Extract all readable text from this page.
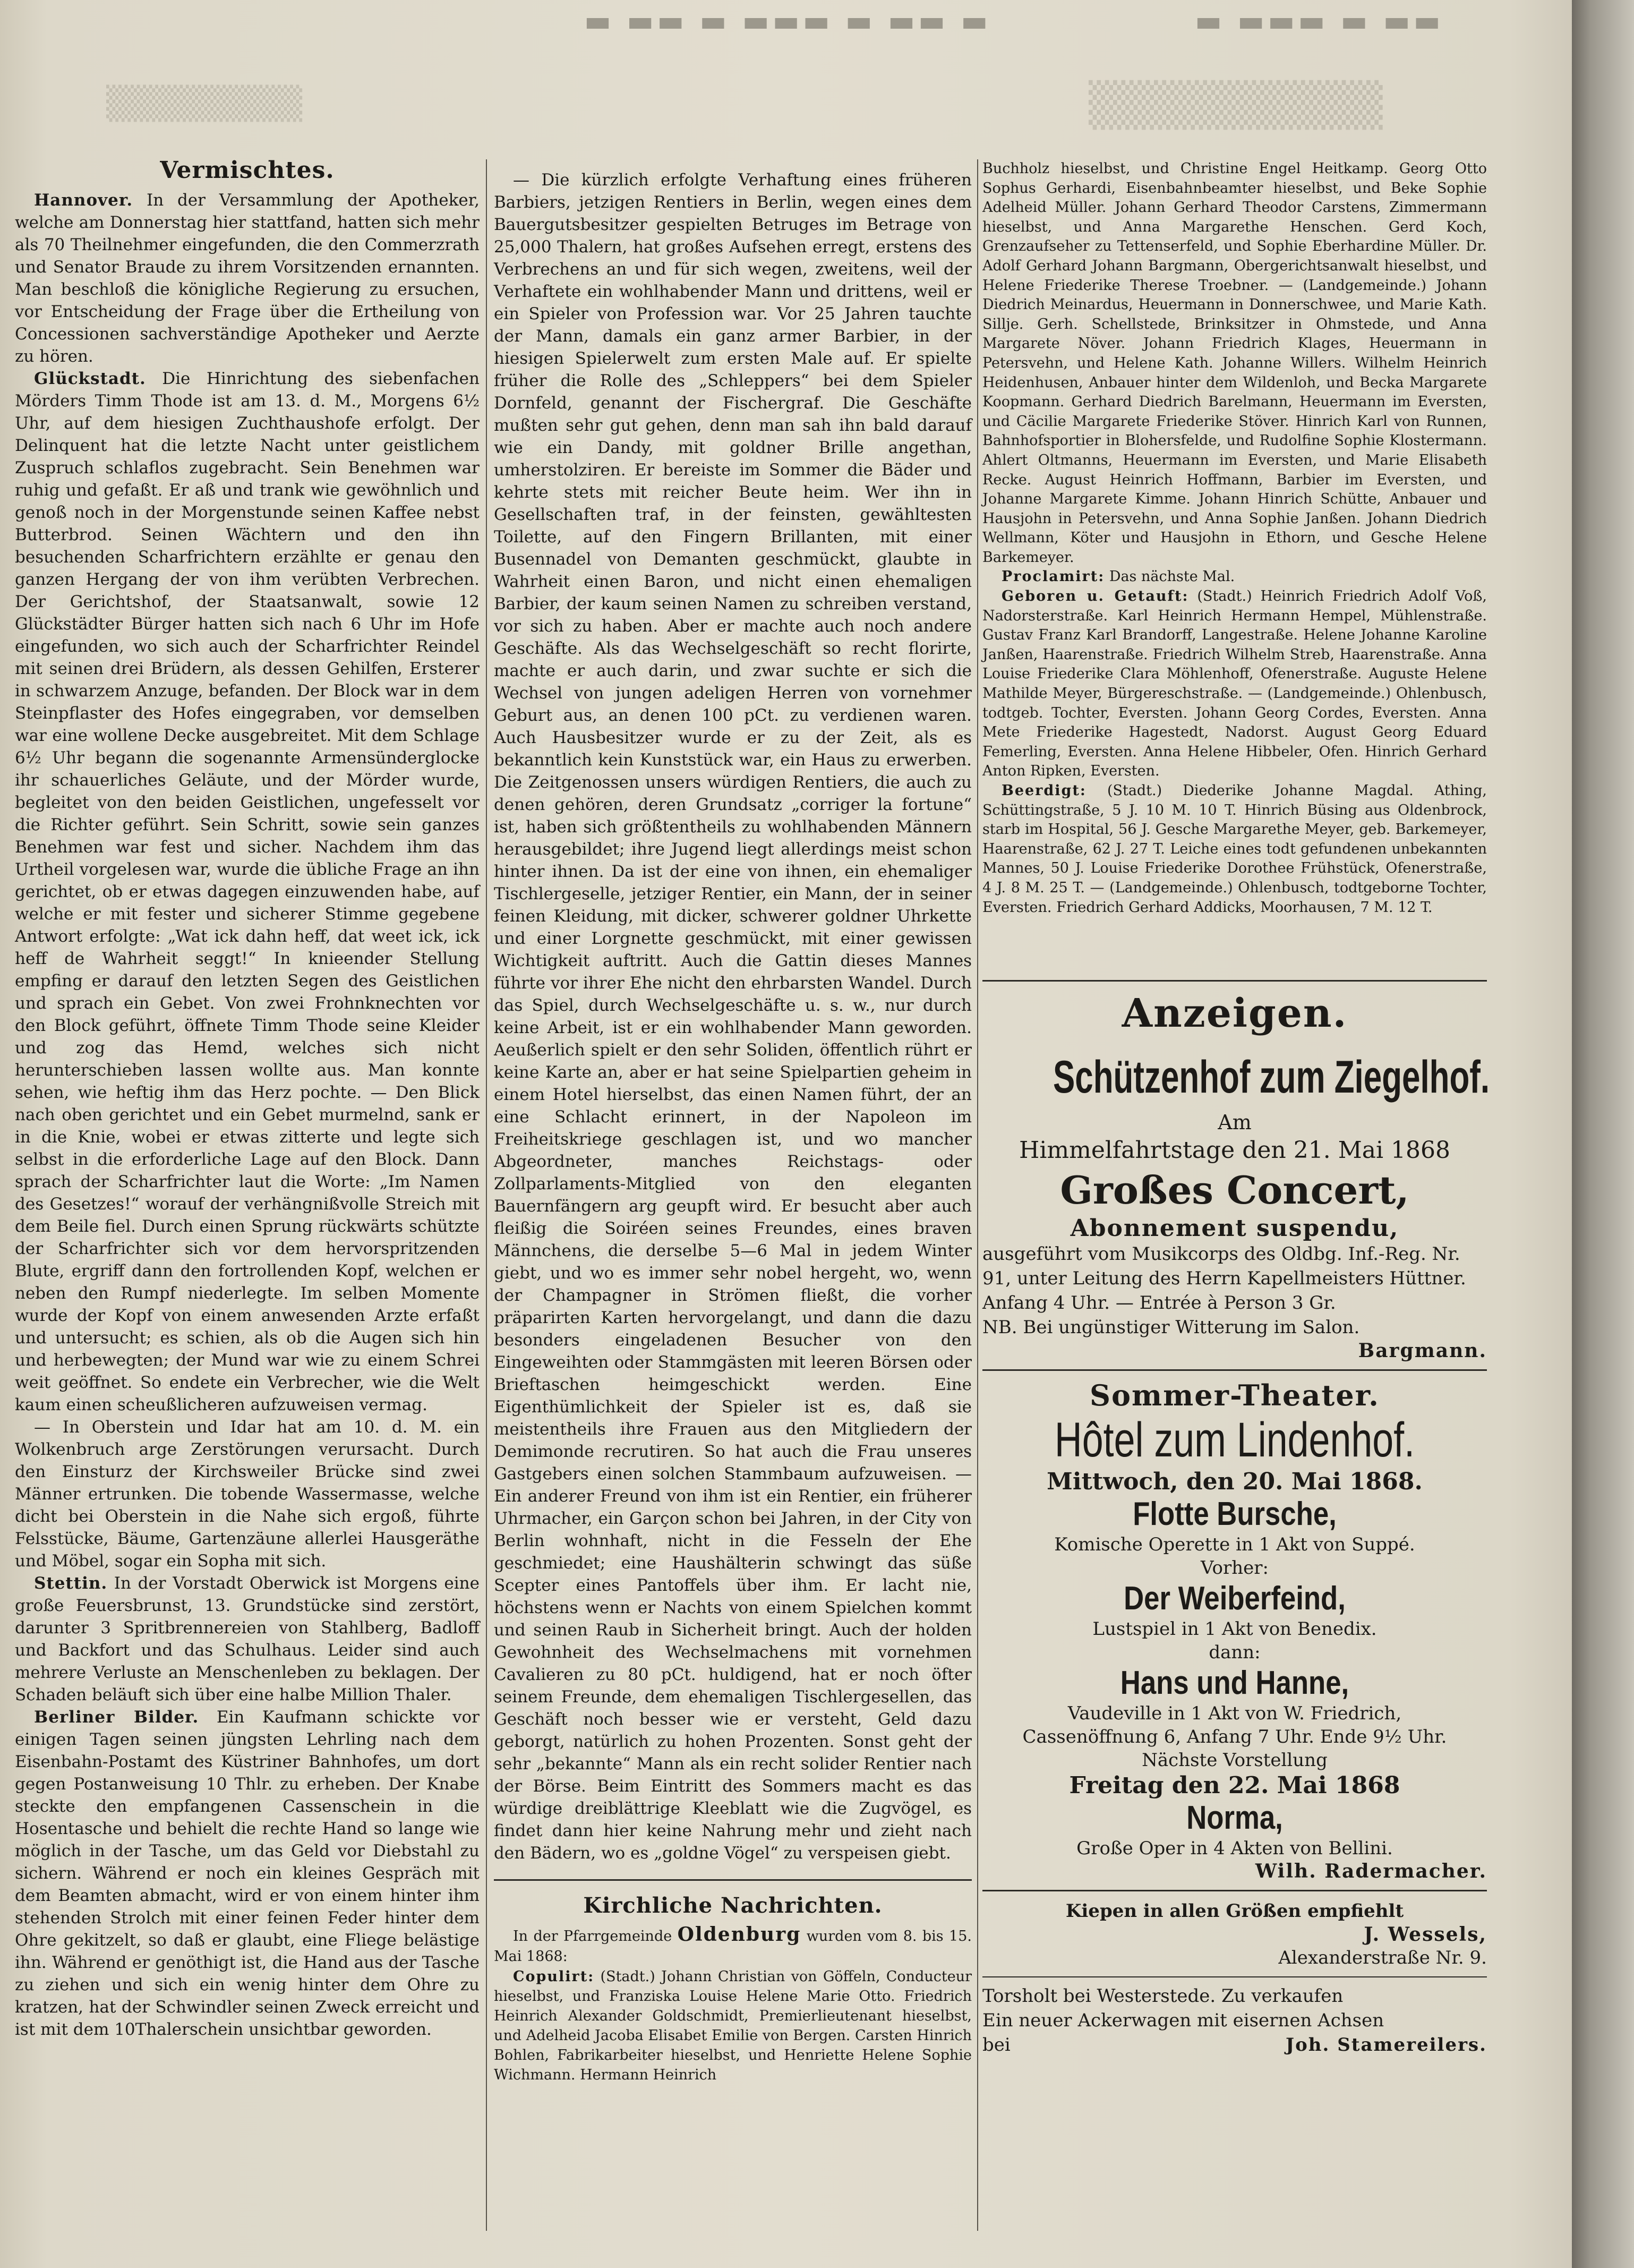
▬ ▬▬ ▬ ▬▬▬ ▬ ▬▬ ▬	▬ ▬▬▬ ▬ ▬▬
▒▒▒▒▒▒▒▒	▒▒▒▒▒▒▒▒▒
Vermischtes.

Hannover. In der Versammlung der Apotheker, welche am Donnerstag hier stattfand, hatten sich mehr als 70 Theilnehmer eingefunden, die den Commerzrath und Senator Braude zu ihrem Vorsitzenden ernannten. Man beschloß die königliche Regierung zu ersuchen, vor Entscheidung der Frage über die Ertheilung von Concessionen sachverständige Apotheker und Aerzte zu hören.

Glückstadt. Die Hinrichtung des siebenfachen Mörders Timm Thode ist am 13. d. M., Morgens 6½ Uhr, auf dem hiesigen Zuchthaushofe erfolgt. Der Delinquent hat die letzte Nacht unter geistlichem Zuspruch schlaflos zugebracht. Sein Benehmen war ruhig und gefaßt. Er aß und trank wie gewöhnlich und genoß noch in der Morgenstunde seinen Kaffee nebst Butterbrod. Seinen Wächtern und den ihn besuchenden Scharfrichtern erzählte er genau den ganzen Hergang der von ihm verübten Verbrechen. Der Gerichtshof, der Staatsanwalt, sowie 12 Glückstädter Bürger hatten sich nach 6 Uhr im Hofe eingefunden, wo sich auch der Scharfrichter Reindel mit seinen drei Brüdern, als dessen Gehilfen, Ersterer in schwarzem Anzuge, befanden. Der Block war in dem Steinpflaster des Hofes eingegraben, vor demselben war eine wollene Decke ausgebreitet. Mit dem Schlage 6½ Uhr begann die sogenannte Armensündergloсke ihr schauerliches Geläute, und der Mörder wurde, begleitet von den beiden Geistlichen, ungefesselt vor die Richter geführt. Sein Schritt, sowie sein ganzes Benehmen war fest und sicher. Nachdem ihm das Urtheil vorgelesen war, wurde die übliche Frage an ihn gerichtet, ob er etwas dagegen einzuwenden habe, auf welche er mit fester und sicherer Stimme gegebene Antwort erfolgte: „Wat ick dahn heff, dat weet ick, ick heff de Wahrheit seggt!“ In knieender Stellung empfing er darauf den letzten Segen des Geistlichen und sprach ein Gebet. Von zwei Frohnknechten vor den Block geführt, öffnete Timm Thode seine Kleider und zog das Hemd, welches sich nicht herunterschieben lassen wollte aus. Man konnte sehen, wie heftig ihm das Herz pochte. — Den Blick nach oben gerichtet und ein Gebet murmelnd, sank er in die Knie, wobei er etwas zitterte und legte sich selbst in die erforderliche Lage auf den Block. Dann sprach der Scharfrichter laut die Worte: „Im Namen des Gesetzes!“ worauf der verhängnißvolle Streich mit dem Beile fiel. Durch einen Sprung rückwärts schützte der Scharfrichter sich vor dem hervorspritzenden Blute, ergriff dann den fortrollenden Kopf, welchen er neben den Rumpf niederlegte. Im selben Momente wurde der Kopf von einem anwesenden Arzte erfaßt und untersucht; es schien, als ob die Augen sich hin und herbewegten; der Mund war wie zu einem Schrei weit geöffnet. So endete ein Verbrecher, wie die Welt kaum einen scheußlicheren aufzuweisen vermag.

— In Oberstein und Idar hat am 10. d. M. ein Wolkenbruch arge Zerstörungen verursacht. Durch den Einsturz der Kirchsweiler Brücke sind zwei Männer ertrunken. Die tobende Wassermasse, welche dicht bei Oberstein in die Nahe sich ergoß, führte Felsstücke, Bäume, Gartenzäune allerlei Hausgeräthe und Möbel, sogar ein Sopha mit sich.

Stettin. In der Vorstadt Oberwick ist Morgens eine große Feuersbrunst, 13. Grundstücke sind zerstört, darunter 3 Spritbrennereien von Stahlberg, Badloff und Backfort und das Schulhaus. Leider sind auch mehrere Verluste an Menschenleben zu beklagen. Der Schaden beläuft sich über eine halbe Million Thaler.

Berliner Bilder. Ein Kaufmann schickte vor einigen Tagen seinen jüngsten Lehrling nach dem Eisenbahn-Postamt des Küstriner Bahnhofes, um dort gegen Postanweisung 10 Thlr. zu erheben. Der Knabe steckte den empfangenen Cassenschein in die Hosentasche und behielt die rechte Hand so lange wie möglich in der Tasche, um das Geld vor Diebstahl zu sichern. Während er noch ein kleines Gespräch mit dem Beamten abmacht, wird er von einem hinter ihm stehenden Strolch mit einer feinen Feder hinter dem Ohre gekitzelt, so daß er glaubt, eine Fliege belästige ihn. Während er genöthigt ist, die Hand aus der Tasche zu ziehen und sich ein wenig hinter dem Ohre zu kratzen, hat der Schwindler seinen Zweck erreicht und ist mit dem 10Thalerschein unsichtbar geworden.

— Die kürzlich erfolgte Verhaftung eines früheren Barbiers, jetzigen Rentiers in Berlin, wegen eines dem Bauergutsbesitzer gespielten Betruges im Betrage von 25,000 Thalern, hat großes Aufsehen erregt, erstens des Verbrechens an und für sich wegen, zweitens, weil der Verhaftete ein wohlhabender Mann und drittens, weil er ein Spieler von Profession war. Vor 25 Jahren tauchte der Mann, damals ein ganz armer Barbier, in der hiesigen Spielerwelt zum ersten Male auf. Er spielte früher die Rolle des „Schleppers“ bei dem Spieler Dornfeld, genannt der Fischergraf. Die Geschäfte mußten sehr gut gehen, denn man sah ihn bald darauf wie ein Dandy, mit goldner Brille angethan, umherstolziren. Er bereiste im Sommer die Bäder und kehrte stets mit reicher Beute heim. Wer ihn in Gesellschaften traf, in der feinsten, gewähltesten Toilette, auf den Fingern Brillanten, mit einer Busennadel von Demanten geschmückt, glaubte in Wahrheit einen Baron, und nicht einen ehemaligen Barbier, der kaum seinen Namen zu schreiben verstand, vor sich zu haben. Aber er machte auch noch andere Geschäfte. Als das Wechselgeschäft so recht florirte, machte er auch darin, und zwar suchte er sich die Wechsel von jungen adeligen Herren von vornehmer Geburt aus, an denen 100 pCt. zu verdienen waren. Auch Hausbesitzer wurde er zu der Zeit, als es bekanntlich kein Kunststück war, ein Haus zu erwerben. Die Zeitgenossen unsers würdigen Rentiers, die auch zu denen gehören, deren Grundsatz „corriger la fortune“ ist, haben sich größtentheils zu wohlhabenden Männern herausgebildet; ihre Jugend liegt allerdings meist schon hinter ihnen. Da ist der eine von ihnen, ein ehemaliger Tischlergeselle, jetziger Rentier, ein Mann, der in seiner feinen Kleidung, mit dicker, schwerer goldner Uhrkette und einer Lorgnette geschmückt, mit einer gewissen Wichtigkeit auftritt. Auch die Gattin dieses Mannes führte vor ihrer Ehe nicht den ehrbarsten Wandel. Durch das Spiel, durch Wechselgeschäfte u. s. w., nur durch keine Arbeit, ist er ein wohlhabender Mann geworden. Aeußerlich spielt er den sehr Soliden, öffentlich rührt er keine Karte an, aber er hat seine Spielpartien geheim in einem Hotel hierselbst, das einen Namen führt, der an eine Schlacht erinnert, in der Napoleon im Freiheitskriege geschlagen ist, und wo mancher Abgeordneter, manches Reichstags- oder Zollparlaments-Mitglied von den eleganten Bauernfängern arg geupft wird. Er besucht aber auch fleißig die Soiréen seines Freundes, eines braven Männchens, die derselbe 5—6 Mal in jedem Winter giebt, und wo es immer sehr nobel hergeht, wo, wenn der Champagner in Strömen fließt, die vorher präparirten Karten hervorgelangt, und dann die dazu besonders eingeladenen Besucher von den Eingeweihten oder Stammgästen mit leeren Börsen oder Brieftaschen heimgeschickt werden. Eine Eigenthümlichkeit der Spieler ist es, daß sie meistentheils ihre Frauen aus den Mitgliedern der Demimonde recrutiren. So hat auch die Frau unseres Gastgebers einen solchen Stammbaum aufzuweisen. — Ein anderer Freund von ihm ist ein Rentier, ein früherer Uhrmacher, ein Garçon schon bei Jahren, in der City von Berlin wohnhaft, nicht in die Fesseln der Ehe geschmiedet; eine Haushälterin schwingt das süße Scepter eines Pantoffels über ihm. Er lacht nie, höchstens wenn er Nachts von einem Spielchen kommt und seinen Raub in Sicherheit bringt. Auch der holden Gewohnheit des Wechselmachens mit vornehmen Cavalieren zu 80 pCt. huldigend, hat er noch öfter seinem Freunde, dem ehemaligen Tischlergesellen, das Geschäft noch besser wie er versteht, Geld dazu geborgt, natürlich zu hohen Prozenten. Sonst geht der sehr „bekannte“ Mann als ein recht solider Rentier nach der Börse. Beim Eintritt des Sommers macht es das würdige dreiblättrige Kleeblatt wie die Zugvögel, es findet dann hier keine Nahrung mehr und zieht nach den Bädern, wo es „goldne Vögel“ zu verspeisen giebt.

Kirchliche Nachrichten.

In der Pfarrgemeinde Oldenburg wurden vom 8. bis 15. Mai 1868:

Copulirt: (Stadt.) Johann Christian von Göffeln, Conducteur hieselbst, und Franziska Louise Helene Marie Otto. Friedrich Heinrich Alexander Goldschmidt, Premierlieutenant hieselbst, und Adelheid Jacoba Elisabet Emilie von Bergen. Carsten Hinrich Bohlen, Fabrikarbeiter hieselbst, und Henriette Helene Sophie Wichmann. Hermann Heinrich

Buchholz hieselbst, und Christine Engel Heitkamp. Georg Otto Sophus Gerhardi, Eisenbahnbeamter hieselbst, und Beke Sophie Adelheid Müller. Johann Gerhard Theodor Carstens, Zimmermann hieselbst, und Anna Margarethe Henschen. Gerd Koch, Grenzaufseher zu Tettenserfeld, und Sophie Eberhardine Müller. Dr. Adolf Gerhard Johann Bargmann, Obergerichtsanwalt hieselbst, und Helene Friederike Therese Troebner. — (Landgemeinde.) Johann Diedrich Meinardus, Heuermann in Donnerschwee, und Marie Kath. Sillje. Gerh. Schellstede, Brinksitzer in Ohmstede, und Anna Margarete Növer. Johann Friedrich Klages, Heuermann in Petersvehn, und Helene Kath. Johanne Willers. Wilhelm Heinrich Heidenhusen, Anbauer hinter dem Wildenloh, und Becka Margarete Koopmann. Gerhard Diedrich Barelmann, Heuermann im Eversten, und Cäcilie Margarete Friederike Stöver. Hinrich Karl von Runnen, Bahnhofsportier in Blohersfelde, und Rudolfine Sophie Klostermann. Ahlert Oltmanns, Heuermann im Eversten, und Marie Elisabeth Recke. August Heinrich Hoffmann, Barbier im Eversten, und Johanne Margarete Kimme. Johann Hinrich Schütte, Anbauer und Hausjohn in Petersvehn, und Anna Sophie Janßen. Johann Diedrich Wellmann, Köter und Hausjohn in Ethorn, und Gesche Helene Barkemeyer.

Proclamirt: Das nächste Mal.

Geboren u. Getauft: (Stadt.) Heinrich Friedrich Adolf Voß, Nadorsterstraße. Karl Heinrich Hermann Hempel, Mühlenstraße. Gustav Franz Karl Brandorff, Langestraße. Helene Johanne Karoline Janßen, Haarenstraße. Friedrich Wilhelm Streb, Haarenstraße. Anna Louise Friederike Clara Möhlenhoff, Ofenerstraße. Auguste Helene Mathilde Meyer, Bürgereschstraße. — (Landgemeinde.) Ohlenbusch, todtgeb. Tochter, Eversten. Johann Georg Cordes, Eversten. Anna Mete Friederike Hagestedt, Nadorst. August Georg Eduard Femerling, Eversten. Anna Helene Hibbeler, Ofen. Hinrich Gerhard Anton Ripken, Eversten.

Beerdigt: (Stadt.) Diederike Johanne Magdal. Athing, Schüttingstraße, 5 J. 10 M. 10 T. Hinrich Büsing aus Oldenbrock, starb im Hospital, 56 J. Gesche Margarethe Meyer, geb. Barkemeyer, Haarenstraße, 62 J. 27 T. Leiche eines todt gefundenen unbekannten Mannes, 50 J. Louise Friederike Dorothee Frühstück, Ofenerstraße, 4 J. 8 M. 25 T. — (Landgemeinde.) Ohlenbusch, todtgeborne Tochter, Eversten. Friedrich Gerhard Addicks, Moorhausen, 7 M. 12 T.

Anzeigen.
Schützenhof zum Ziegelhof.
Am
Himmelfahrtstage den 21. Mai 1868
Großes Concert,
Abonnement suspendu,
ausgeführt vom Musikcorps des Oldbg. Inf.-Reg. Nr. 91, unter Leitung des Herrn Kapellmeisters Hüttner.
Anfang 4 Uhr. — Entrée à Person 3 Gr.
NB. Bei ungünstiger Witterung im Salon.
Bargmann.
Sommer-Theater.
Hôtel zum Lindenhof.
Mittwoch, den 20. Mai 1868.
Flotte Bursche,
Komische Operette in 1 Akt von Suppé.
Vorher:
Der Weiberfeind,
Lustspiel in 1 Akt von Benedix.
dann:
Hans und Hanne,
Vaudeville in 1 Akt von W. Friedrich,
Cassenöffnung 6, Anfang 7 Uhr. Ende 9½ Uhr.
Nächste Vorstellung
Freitag den 22. Mai 1868
Norma,
Große Oper in 4 Akten von Bellini.
Wilh. Radermacher.
Kiepen in allen Größen empfiehlt
J. Wessels,
Alexanderstraße Nr. 9.
Torsholt bei Westerstede. Zu verkaufen
Ein neuer Ackerwagen mit eisernen Achsen
bei	Joh. Stamereilers.
